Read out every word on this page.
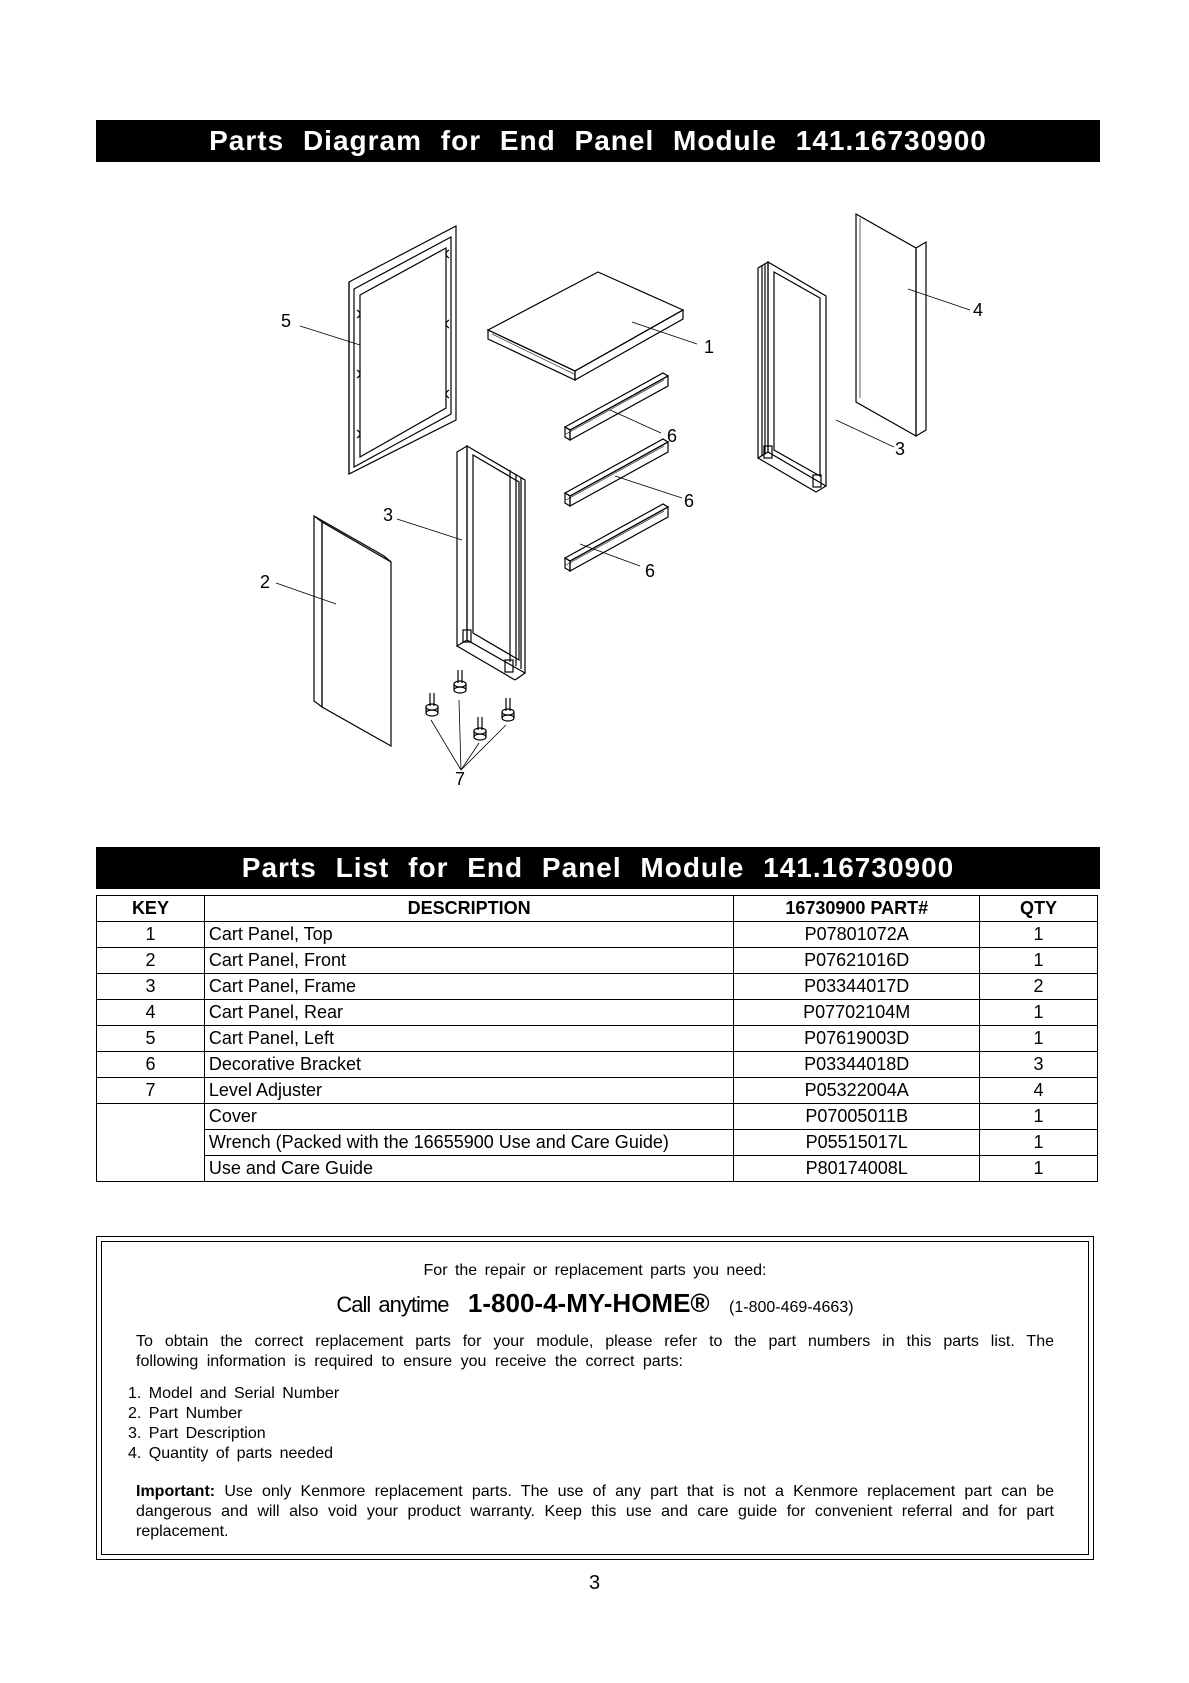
Parts Diagram for End Panel Module 141.16730900
5
1
4
6
3
6
3
2
6
7
Parts List for End Panel Module 141.16730900
KEY	DESCRIPTION	16730900 PART#	QTY
1	Cart Panel, Top	P07801072A	1
2	Cart Panel, Front	P07621016D	1
3	Cart Panel, Frame	P03344017D	2
4	Cart Panel, Rear	P07702104M	1
5	Cart Panel, Left	P07619003D	1
6	Decorative Bracket	P03344018D	3
7	Level Adjuster	P05322004A	4
	Cover	P07005011B	1
	Wrench (Packed with the 16655900 Use and Care Guide)	P05515017L	1
	Use and Care Guide	P80174008L	1
For the repair or replacement parts you need:
Call anytime 1-800-4-MY-HOME® (1-800-469-4663)
To obtain the correct replacement parts for your module, please refer to the part numbers in this parts list. The following information is required to ensure you receive the correct parts:
1. Model and Serial Number
2. Part Number
3. Part Description
4. Quantity of parts needed
Important: Use only Kenmore replacement parts. The use of any part that is not a Kenmore replacement part can be dangerous and will also void your product warranty. Keep this use and care guide for convenient referral and for part replacement.
3
